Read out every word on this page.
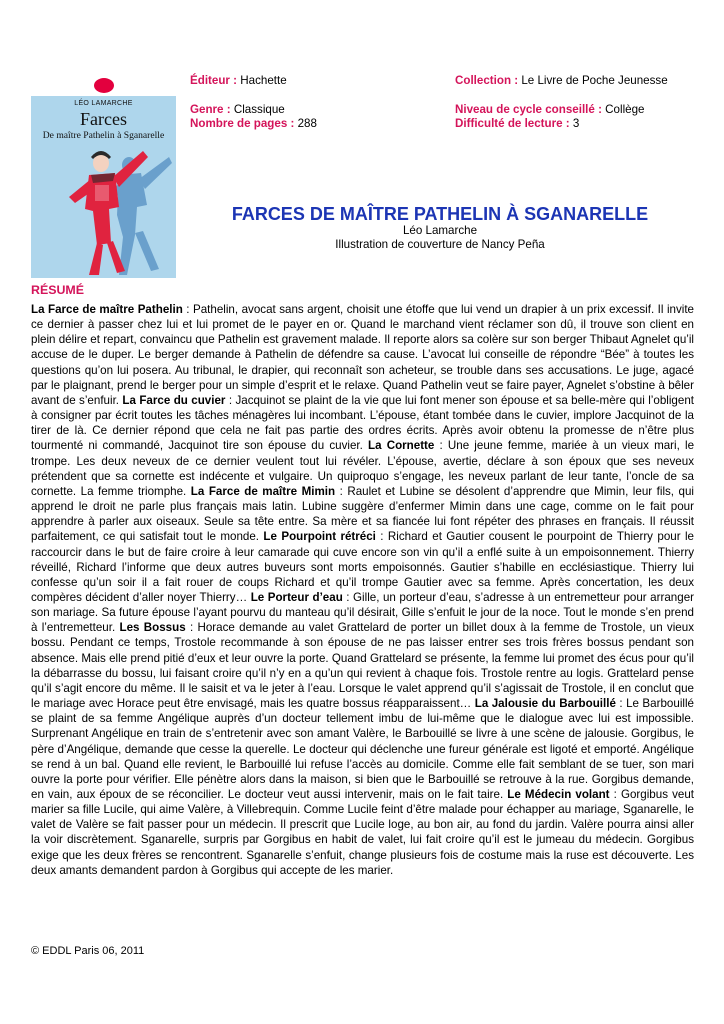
LÉO LAMARCHE
Farces
De maître Pathelin à Sganarelle
Éditeur : Hachette	Collection : Le Livre de Poche Jeunesse
Genre : Classique
Nombre de pages : 288
Niveau de cycle conseillé : Collège
Difficulté de lecture : 3
FARCES DE MAÎTRE PATHELIN À SGANARELLE
Léo Lamarche
Illustration de couverture de Nancy Peña
RÉSUMÉ
La Farce de maître Pathelin : Pathelin, avocat sans argent, choisit une étoffe que lui vend un drapier à un prix excessif. Il invite ce dernier à passer chez lui et lui promet de le payer en or. Quand le marchand vient réclamer son dû, il trouve son client en plein délire et repart, convaincu que Pathelin est gravement malade. Il reporte alors sa colère sur son berger Thibaut Agnelet qu’il accuse de le duper. Le berger demande à Pathelin de défendre sa cause. L’avocat lui conseille de répondre “Bée” à toutes les questions qu’on lui posera. Au tribunal, le drapier, qui reconnaît son acheteur, se trouble dans ses accusations. Le juge, agacé par le plaignant, prend le berger pour un simple d’esprit et le relaxe. Quand Pathelin veut se faire payer, Agnelet s’obstine à bêler avant de s’enfuir. La Farce du cuvier : Jacquinot se plaint de la vie que lui font mener son épouse et sa belle-mère qui l’obligent à consigner par écrit toutes les tâches ménagères lui incombant. L’épouse, étant tombée dans le cuvier, implore Jacquinot de la tirer de là. Ce dernier répond que cela ne fait pas partie des ordres écrits. Après avoir obtenu la promesse de n’être plus tourmenté ni commandé, Jacquinot tire son épouse du cuvier. La Cornette : Une jeune femme, mariée à un vieux mari, le trompe. Les deux neveux de ce dernier veulent tout lui révéler. L’épouse, avertie, déclare à son époux que ses neveux prétendent que sa cornette est indécente et vulgaire. Un quiproquo s’engage, les neveux parlant de leur tante, l’oncle de sa cornette. La femme triomphe. La Farce de maître Mimin : Raulet et Lubine se désolent d’apprendre que Mimin, leur fils, qui apprend le droit ne parle plus français mais latin. Lubine suggère d’enfermer Mimin dans une cage, comme on le fait pour apprendre à parler aux oiseaux. Seule sa tête entre. Sa mère et sa fiancée lui font répéter des phrases en français. Il réussit parfaitement, ce qui satisfait tout le monde. Le Pourpoint rétréci : Richard et Gautier cousent le pourpoint de Thierry pour le raccourcir dans le but de faire croire à leur camarade qui cuve encore son vin qu’il a enflé suite à un empoisonnement. Thierry réveillé, Richard l’informe que deux autres buveurs sont morts empoisonnés. Gautier s’habille en ecclésiastique. Thierry lui confesse qu’un soir il a fait rouer de coups Richard et qu’il trompe Gautier avec sa femme. Après concertation, les deux compères décident d’aller noyer Thierry… Le Porteur d’eau : Gille, un porteur d’eau, s’adresse à un entremetteur pour arranger son mariage. Sa future épouse l’ayant pourvu du manteau qu’il désirait, Gille s’enfuit le jour de la noce. Tout le monde s’en prend à l’entremetteur. Les Bossus : Horace demande au valet Grattelard de porter un billet doux à la femme de Trostole, un vieux bossu. Pendant ce temps, Trostole recommande à son épouse de ne pas laisser entrer ses trois frères bossus pendant son absence. Mais elle prend pitié d’eux et leur ouvre la porte. Quand Grattelard se présente, la femme lui promet des écus pour qu’il la débarrasse du bossu, lui faisant croire qu’il n’y en a qu’un qui revient à chaque fois. Trostole rentre au logis. Grattelard pense qu’il s’agit encore du même. Il le saisit et va le jeter à l’eau. Lorsque le valet apprend qu’il s’agissait de Trostole, il en conclut que le mariage avec Horace peut être envisagé, mais les quatre bossus réapparaissent… La Jalousie du Barbouillé : Le Barbouillé se plaint de sa femme Angélique auprès d’un docteur tellement imbu de lui-même que le dialogue avec lui est impossible. Surprenant Angélique en train de s’entretenir avec son amant Valère, le Barbouillé se livre à une scène de jalousie. Gorgibus, le père d’Angélique, demande que cesse la querelle. Le docteur qui déclenche une fureur générale est ligoté et emporté. Angélique se rend à un bal. Quand elle revient, le Barbouillé lui refuse l’accès au domicile. Comme elle fait semblant de se tuer, son mari ouvre la porte pour vérifier. Elle pénètre alors dans la maison, si bien que le Barbouillé se retrouve à la rue. Gorgibus demande, en vain, aux époux de se réconcilier. Le docteur veut aussi intervenir, mais on le fait taire. Le Médecin volant : Gorgibus veut marier sa fille Lucile, qui aime Valère, à Villebrequin. Comme Lucile feint d’être malade pour échapper au mariage, Sganarelle, le valet de Valère se fait passer pour un médecin. Il prescrit que Lucile loge, au bon air, au fond du jardin. Valère pourra ainsi aller la voir discrètement. Sganarelle, surpris par Gorgibus en habit de valet, lui fait croire qu’il est le jumeau du médecin. Gorgibus exige que les deux frères se rencontrent. Sganarelle s’enfuit, change plusieurs fois de costume mais la ruse est découverte. Les deux amants demandent pardon à Gorgibus qui accepte de les marier.
© EDDL Paris 06, 2011
